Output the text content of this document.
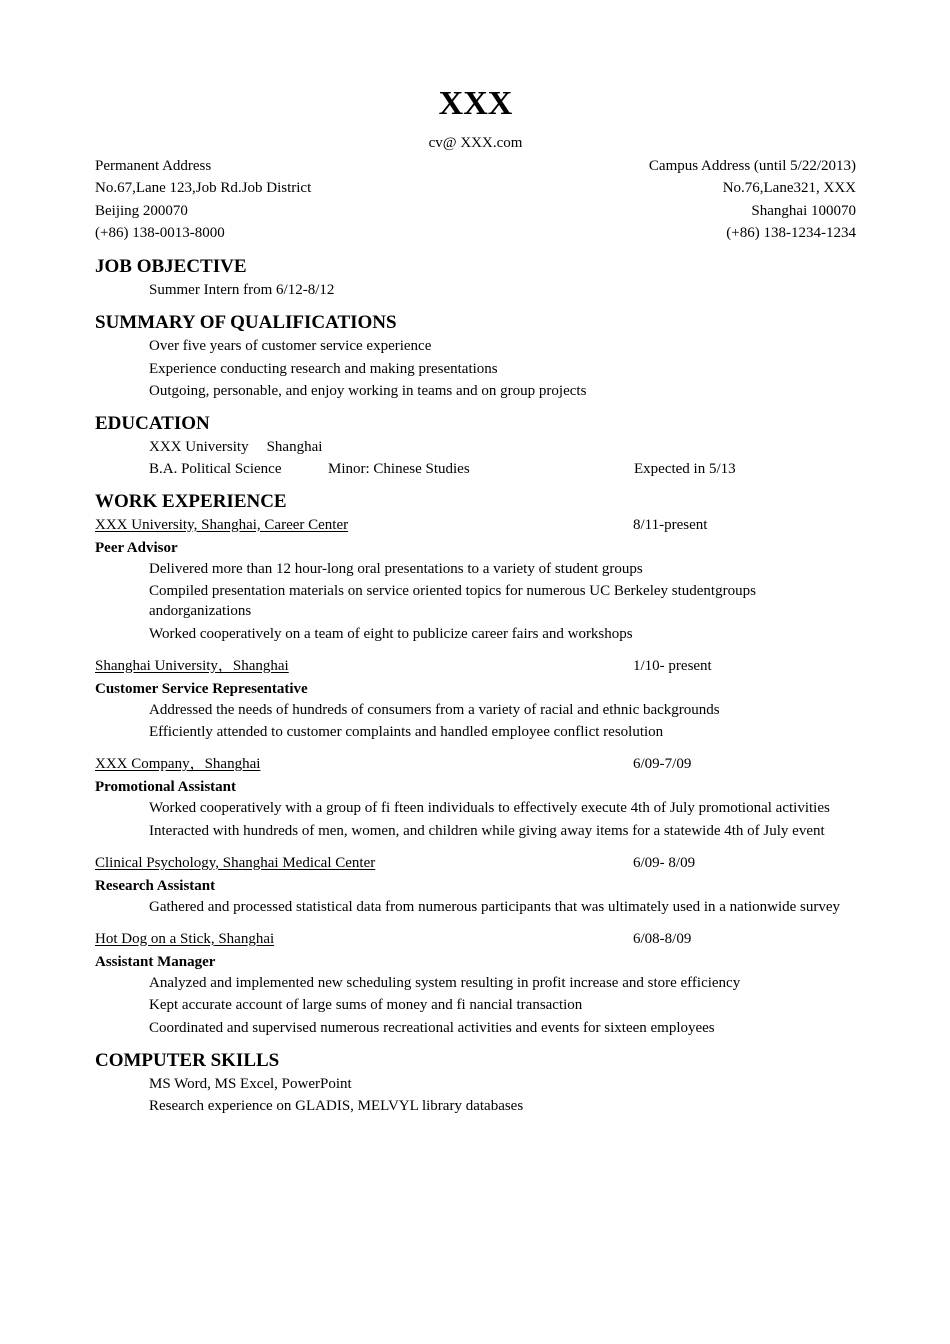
XXX
cv@ XXX.com
Permanent Address
No.67,Lane 123,Job Rd.Job District
Beijing 200070
(+86) 138-0013-8000
Campus Address (until 5/22/2013)
No.76,Lane321, XXX
Shanghai 100070
(+86) 138-1234-1234
JOB OBJECTIVE
Summer Intern from 6/12-8/12
SUMMARY OF QUALIFICATIONS
Over five years of customer service experience
Experience conducting research and making presentations
Outgoing, personable, and enjoy working in teams and on group projects
EDUCATION
XXX University Shanghai
B.A. Political Science	Minor: Chinese Studies	Expected in 5/13
WORK EXPERIENCE
XXX University, Shanghai, Career Center	8/11-present
Peer Advisor
Delivered more than 12 hour-long oral presentations to a variety of student groups
Compiled presentation materials on service oriented topics for numerous UC Berkeley studentgroups andorganizations
Worked cooperatively on a team of eight to publicize career fairs and workshops
Shanghai University，Shanghai	1/10- present
Customer Service Representative
Addressed the needs of hundreds of consumers from a variety of racial and ethnic backgrounds
Efficiently attended to customer complaints and handled employee conflict resolution
XXX Company，Shanghai	6/09-7/09
Promotional Assistant
Worked cooperatively with a group of fi fteen individuals to effectively execute 4th of July promotional activities
Interacted with hundreds of men, women, and children while giving away items for a statewide 4th of July event
Clinical Psychology, Shanghai Medical Center	6/09- 8/09
Research Assistant
Gathered and processed statistical data from numerous participants that was ultimately used in a nationwide survey
Hot Dog on a Stick, Shanghai	6/08-8/09
Assistant Manager
Analyzed and implemented new scheduling system resulting in profit increase and store efficiency
Kept accurate account of large sums of money and fi nancial transaction
Coordinated and supervised numerous recreational activities and events for sixteen employees
COMPUTER SKILLS
MS Word, MS Excel, PowerPoint
Research experience on GLADIS, MELVYL library databases
